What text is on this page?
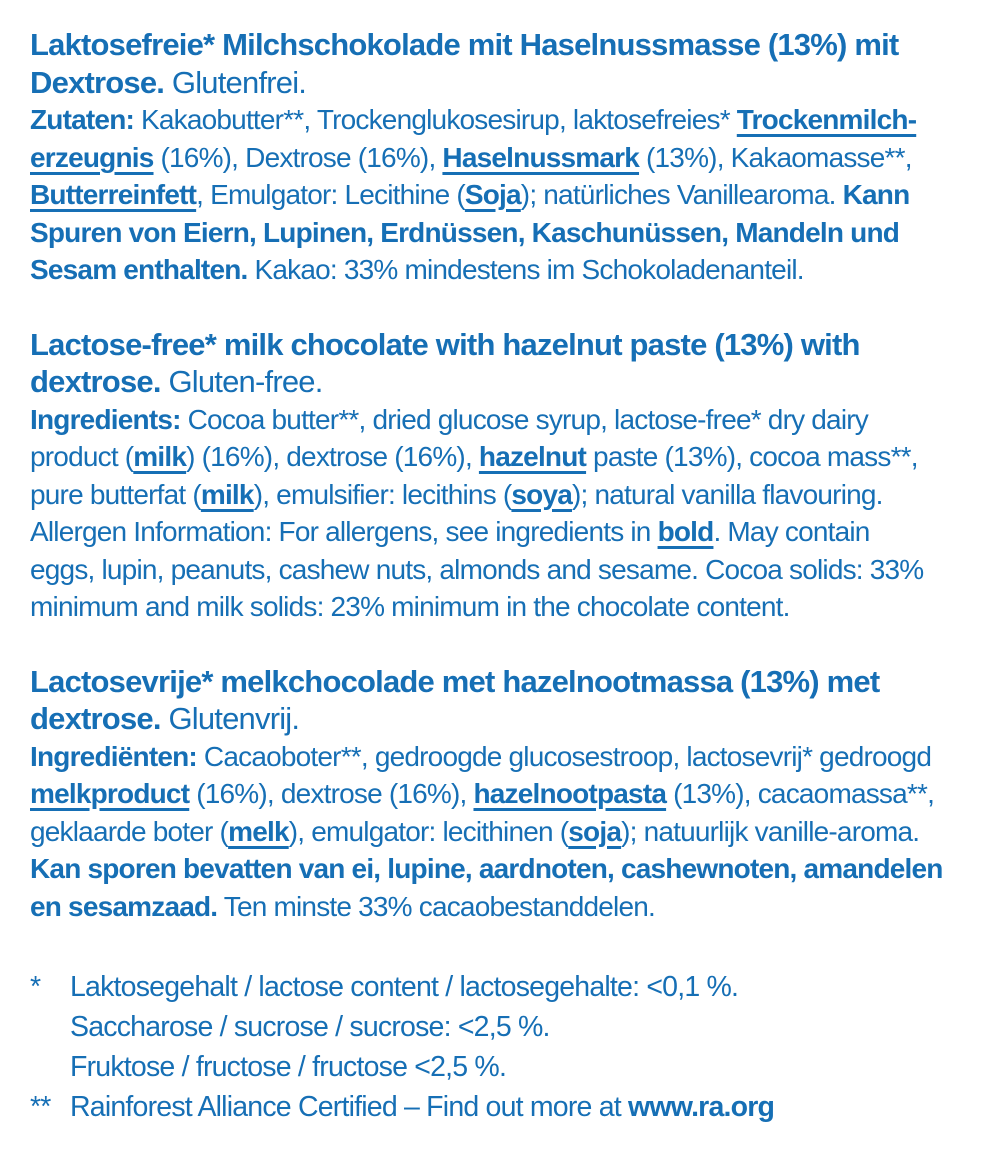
Laktosefreie* Milchschokolade mit Haselnussmasse (13%) mit
Dextrose. Glutenfrei.
Zutaten: Kakaobutter**, Trockenglukosesirup, laktosefreies* Trockenmilch-
erzeugnis (16%), Dextrose (16%), Haselnussmark (13%), Kakaomasse**,
Butterreinfett, Emulgator: Lecithine (Soja); natürliches Vanillearoma. Kann
Spuren von Eiern, Lupinen, Erdnüssen, Kaschunüssen, Mandeln und
Sesam enthalten. Kakao: 33% mindestens im Schokoladenanteil.
Lactose-free* milk chocolate with hazelnut paste (13%) with
dextrose. Gluten-free.
Ingredients: Cocoa butter**, dried glucose syrup, lactose-free* dry dairy
product (milk) (16%), dextrose (16%), hazelnut paste (13%), cocoa mass**,
pure butterfat (milk), emulsifier: lecithins (soya); natural vanilla flavouring.
Allergen Information: For allergens, see ingredients in bold. May contain
eggs, lupin, peanuts, cashew nuts, almonds and sesame. Cocoa solids: 33%
minimum and milk solids: 23% minimum in the chocolate content.
Lactosevrije* melkchocolade met hazelnootmassa (13%) met
dextrose. Glutenvrij.
Ingrediënten: Cacaoboter**, gedroogde glucosestroop, lactosevrij* gedroogd
melkproduct (16%), dextrose (16%), hazelnootpasta (13%), cacaomassa**,
geklaarde boter (melk), emulgator: lecithinen (soja); natuurlijk vanille-aroma.
Kan sporen bevatten van ei, lupine, aardnoten, cashewnoten, amandelen
en sesamzaad. Ten minste 33% cacaobestanddelen.
*	Laktosegehalt / lactose content / lactosegehalte: <0,1 %.
Saccharose / sucrose / sucrose: <2,5 %.
Fruktose / fructose / fructose <2,5 %.
** Rainforest Alliance Certified – Find out more at www.ra.org
